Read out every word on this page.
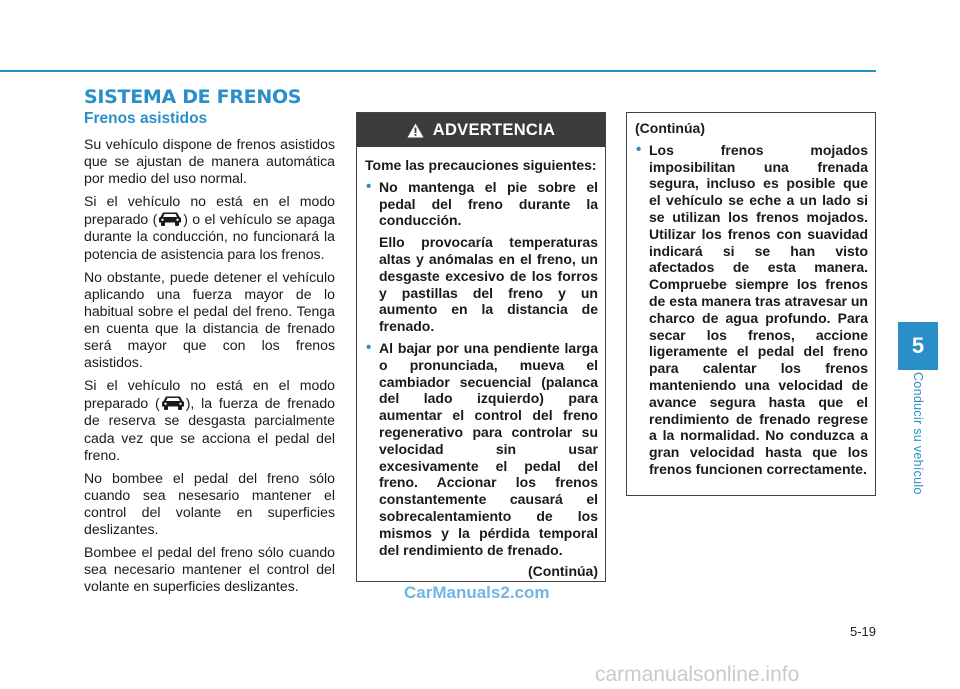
SISTEMA DE FRENOS
Frenos asistidos

Su vehículo dispone de frenos asistidos que se ajustan de manera automática por medio del uso normal.

Si el vehículo no está en el modo preparado ( ) o el vehículo se apaga durante la conducción, no funcionará la potencia de asistencia para los frenos.

No obstante, puede detener el vehículo aplicando una fuerza mayor de lo habitual sobre el pedal del freno. Tenga en cuenta que la distancia de frenado será mayor que con los frenos asistidos.

Si el vehículo no está en el modo preparado ( ), la fuerza de frenado de reserva se desgasta parcialmente cada vez que se acciona el pedal del freno.

No bombee el pedal del freno sólo cuando sea nesesario mantener el control del volante en superficies deslizantes.

Bombee el pedal del freno sólo cuando sea necesario mantener el control del volante en superficies deslizantes.

ADVERTENCIA

Tome las precauciones siguientes:

• No mantenga el pie sobre el pedal del freno durante la conducción.
Ello provocaría temperaturas altas y anómalas en el freno, un desgaste excesivo de los forros y pastillas del freno y un aumento en la distancia de frenado.
• Al bajar por una pendiente larga o pronunciada, mueva el cambiador secuencial (palanca del lado izquierdo) para aumentar el control del freno regenerativo para controlar su velocidad sin usar excesivamente el pedal del freno. Accionar los frenos constantemente causará el sobrecalentamiento de los mismos y la pérdida temporal del rendimiento de frenado.
(Continúa)

(Continúa)

• Los frenos mojados imposibilitan una frenada segura, incluso es posible que el vehículo se eche a un lado si se utilizan los frenos mojados. Utilizar los frenos con suavidad indicará si se han visto afectados de esta manera. Compruebe siempre los frenos de esta manera tras atravesar un charco de agua profundo. Para secar los frenos, accione ligeramente el pedal del freno para calentar los frenos manteniendo una velocidad de avance segura hasta que el rendimiento de frenado regrese a la normalidad. No conduzca a gran velocidad hasta que los frenos funcionen correctamente.
5
Conducir su vehículo
CarManuals2.com
5-19
carmanualsonline.info
